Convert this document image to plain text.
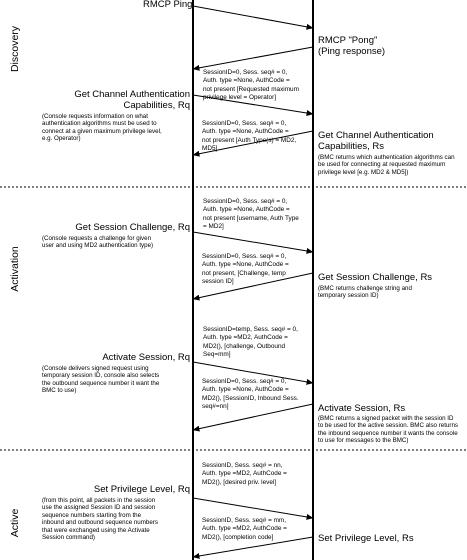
Discovery
Activation
Active
RMCP Ping
RMCP "Pong"
(Ping response)
SessionID=0, Sess. seq# = 0,
Auth. type =None, AuthCode =
not present [Requested maximum
privilege level = Operator]
Get Channel Authentication
Capabilities, Rq
(Console requests information on what
authentication algorithms must be used to
connect at a given maximum privilege level,
e.g. Operator)
SessionID=0, Sess. seq# = 0,
Auth. type =None, AuthCode =
not present [Auth Type(s) = MD2,
MD5]
Get Channel Authentication
Capabilities, Rs
(BMC returns which authentication algorithms can
be used for connecting at requested maximum
privilege level [e.g. MD2 & MD5])
SessionID=0, Sess. seq# = 0,
Auth. type =None, AuthCode =
not present [username, Auth Type
= MD2]
Get Session Challenge, Rq
(Console requests a challenge for given
user and using MD2 authentication type)
SessionID=0, Sess. seq# = 0,
Auth. type =None, AuthCode =
not present, [Challenge, temp
session ID]	Get Session Challenge, Rs
(BMC returns challenge string and
temporary session ID)
SessionID=temp, Sess. seq# = 0,
Auth. type =MD2, AuthCode =
MD2(), [challenge, Outbound
Seq=mm]
Activate Session, Rq
(Console delivers signed request using
temporary session ID, console also selects
the outbound sequence number it want the
BMC to use)
SessionID=0, Sess. seq# = 0,
Auth. type =None, AuthCode =
MD2(), [SessionID, Inbound Sess.
seq#=nn]	Activate Session, Rs
(BMC returns a signed packet with the session ID
to be used for the active session. BMC also returns
the inbound sequence number it wants the console
to use for messages to the BMC)
SessionID, Sess. seq# = nn,
Auth. type =MD2, AuthCode =
MD2(), [desired priv. level]
Set Privilege Level, Rq
(from this point, all packets in the session
use the assigned Session ID and session
sequence numbers starting from the
inbound and outbound sequence numbers
that were exchanged using the Activate
Session command)
SessionID, Sess. seq# = mm,
Auth. type =MD2, AuthCode =
MD2(), [completion code]	Set Privilege Level, Rs
